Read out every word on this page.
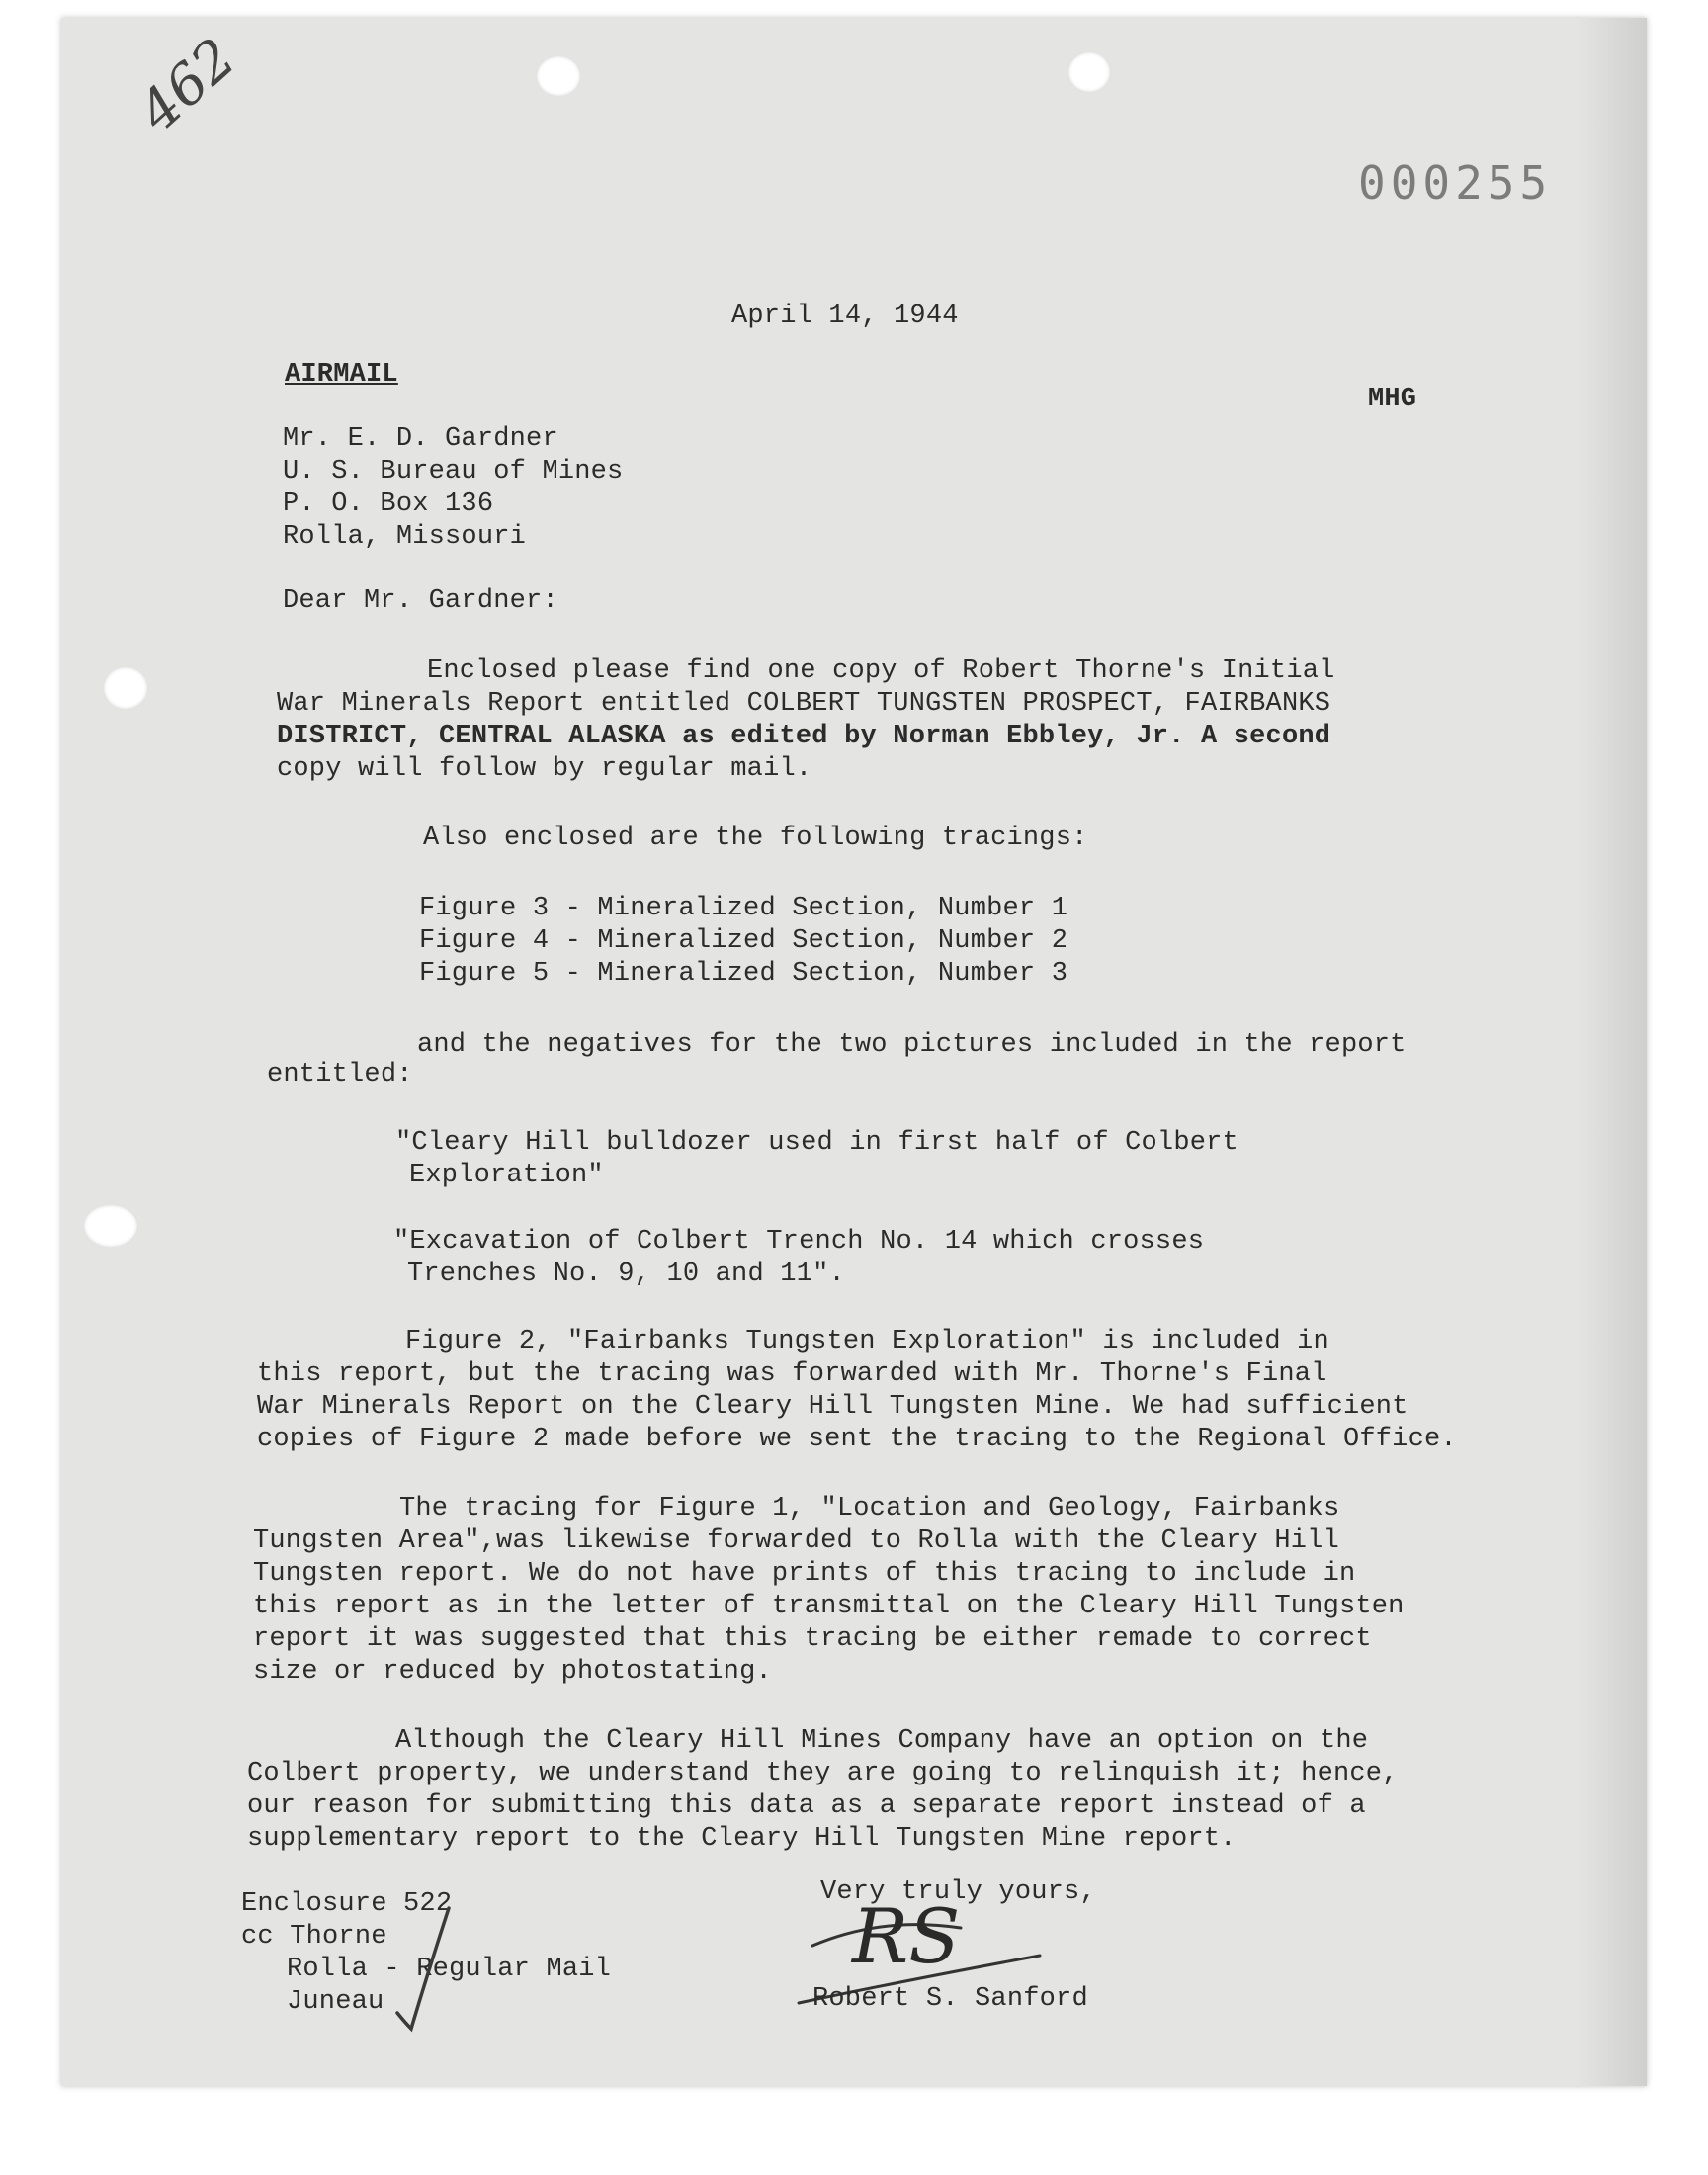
462
000255
April 14, 1944
AIRMAIL
MHG
Mr. E. D. Gardner
U. S. Bureau of Mines
P. O. Box 136
Rolla, Missouri
Dear Mr. Gardner:
Enclosed please find one copy of Robert Thorne's Initial
War Minerals Report entitled COLBERT TUNGSTEN PROSPECT, FAIRBANKS
DISTRICT, CENTRAL ALASKA as edited by Norman Ebbley, Jr. A second
copy will follow by regular mail.
Also enclosed are the following tracings:
Figure 3 - Mineralized Section, Number 1
Figure 4 - Mineralized Section, Number 2
Figure 5 - Mineralized Section, Number 3
and the negatives for the two pictures included in the report
entitled:
"Cleary Hill bulldozer used in first half of Colbert
Exploration"
"Excavation of Colbert Trench No. 14 which crosses
Trenches No. 9, 10 and 11".
Figure 2, "Fairbanks Tungsten Exploration" is included in
this report, but the tracing was forwarded with Mr. Thorne's Final
War Minerals Report on the Cleary Hill Tungsten Mine. We had sufficient
copies of Figure 2 made before we sent the tracing to the Regional Office.
The tracing for Figure 1, "Location and Geology, Fairbanks
Tungsten Area",was likewise forwarded to Rolla with the Cleary Hill
Tungsten report. We do not have prints of this tracing to include in
this report as in the letter of transmittal on the Cleary Hill Tungsten
report it was suggested that this tracing be either remade to correct
size or reduced by photostating.
Although the Cleary Hill Mines Company have an option on the
Colbert property, we understand they are going to relinquish it; hence,
our reason for submitting this data as a separate report instead of a
supplementary report to the Cleary Hill Tungsten Mine report.
Enclosure 522
cc Thorne
Rolla - Regular Mail
Juneau
Very truly yours,
RS
Robert S. Sanford
